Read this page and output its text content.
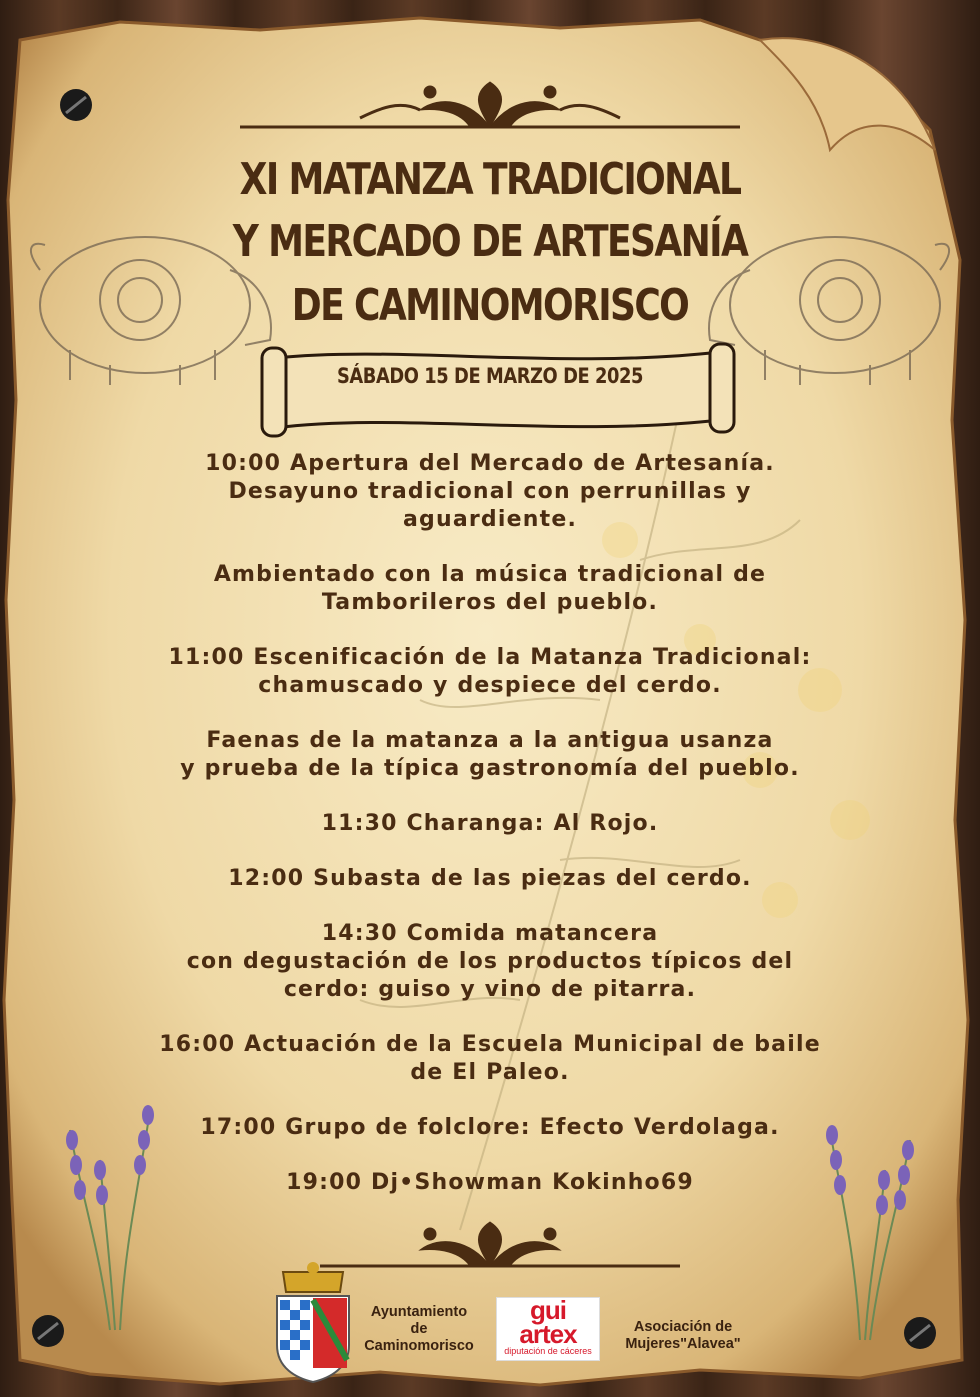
XI MATANZA TRADICIONAL
Y MERCADO DE ARTESANÍA
DE CAMINOMORISCO
SÁBADO 15 DE MARZO DE 2025
10:00 Apertura del Mercado de Artesanía.
Desayuno tradicional con perrunillas y
aguardiente.
Ambientado con la música tradicional de
Tamborileros del pueblo.
11:00 Escenificación de la Matanza Tradicional:
chamuscado y despiece del cerdo.
Faenas de la matanza a la antigua usanza
y prueba de la típica gastronomía del pueblo.
11:30 Charanga: Al Rojo.
12:00 Subasta de las piezas del cerdo.
14:30 Comida matancera
con degustación de los productos típicos del
cerdo: guiso y vino de pitarra.
16:00 Actuación de la Escuela Municipal de baile
de El Paleo.
17:00 Grupo de folclore: Efecto Verdolaga.
19:00 Dj•Showman Kokinho69
Ayuntamiento
de
Caminomorisco
gui
artex
diputación de cáceres
Asociación de
Mujeres"Alavea"
